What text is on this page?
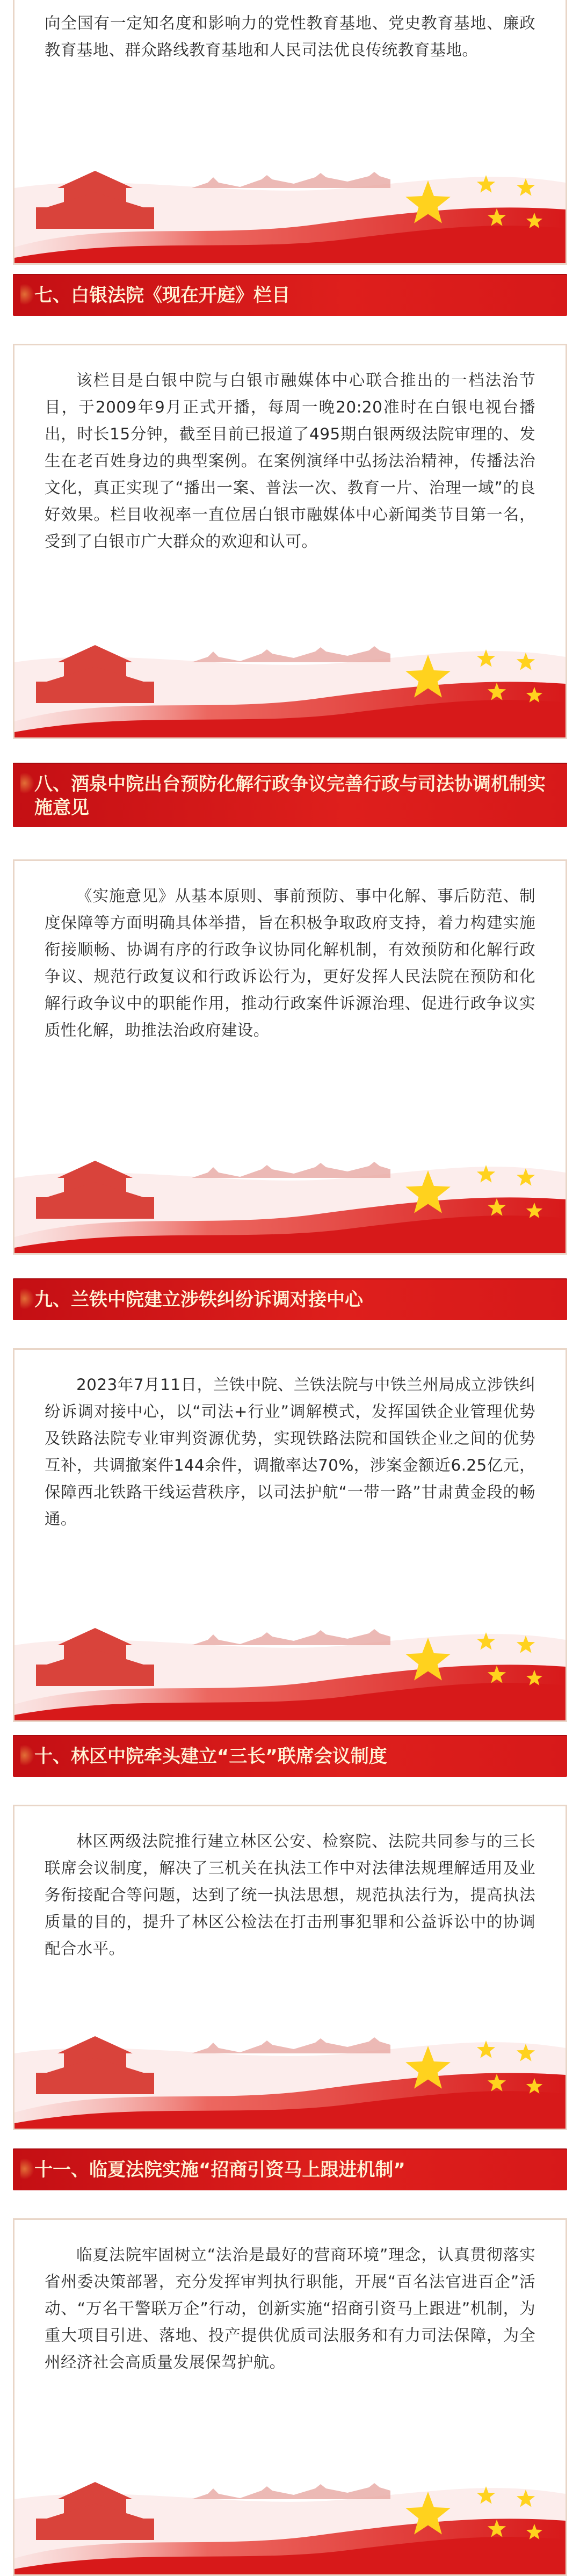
向全国有一定知名度和影响力的党性教育基地、党史教育基地、廉政教育基地、群众路线教育基地和人民司法优良传统教育基地。
七、白银法院《现在开庭》栏目
该栏目是白银中院与白银市融媒体中心联合推出的一档法治节目，于2009年9月正式开播，每周一晚20:20准时在白银电视台播出，时长15分钟，截至目前已报道了495期白银两级法院审理的、发生在老百姓身边的典型案例。在案例演绎中弘扬法治精神，传播法治文化，真正实现了“播出一案、普法一次、教育一片、治理一域”的良好效果。栏目收视率一直位居白银市融媒体中心新闻类节目第一名，受到了白银市广大群众的欢迎和认可。
八、酒泉中院出台预防化解行政争议完善行政与司法协调机制实施意见
《实施意见》从基本原则、事前预防、事中化解、事后防范、制度保障等方面明确具体举措，旨在积极争取政府支持，着力构建实施衔接顺畅、协调有序的行政争议协同化解机制，有效预防和化解行政争议、规范行政复议和行政诉讼行为，更好发挥人民法院在预防和化解行政争议中的职能作用，推动行政案件诉源治理、促进行政争议实质性化解，助推法治政府建设。
九、兰铁中院建立涉铁纠纷诉调对接中心
2023年7月11日，兰铁中院、兰铁法院与中铁兰州局成立涉铁纠纷诉调对接中心，以“司法+行业”调解模式，发挥国铁企业管理优势及铁路法院专业审判资源优势，实现铁路法院和国铁企业之间的优势互补，共调撤案件144余件，调撤率达70%，涉案金额近6.25亿元，保障西北铁路干线运营秩序，以司法护航“一带一路”甘肃黄金段的畅通。
十、林区中院牵头建立“三长”联席会议制度
林区两级法院推行建立林区公安、检察院、法院共同参与的三长联席会议制度，解决了三机关在执法工作中对法律法规理解适用及业务衔接配合等问题，达到了统一执法思想，规范执法行为，提高执法质量的目的，提升了林区公检法在打击刑事犯罪和公益诉讼中的协调配合水平。
十一、临夏法院实施“招商引资马上跟进机制”
临夏法院牢固树立“法治是最好的营商环境”理念，认真贯彻落实省州委决策部署，充分发挥审判执行职能，开展“百名法官进百企”活动、“万名干警联万企”行动，创新实施“招商引资马上跟进”机制，为重大项目引进、落地、投产提供优质司法服务和有力司法保障，为全州经济社会高质量发展保驾护航。
